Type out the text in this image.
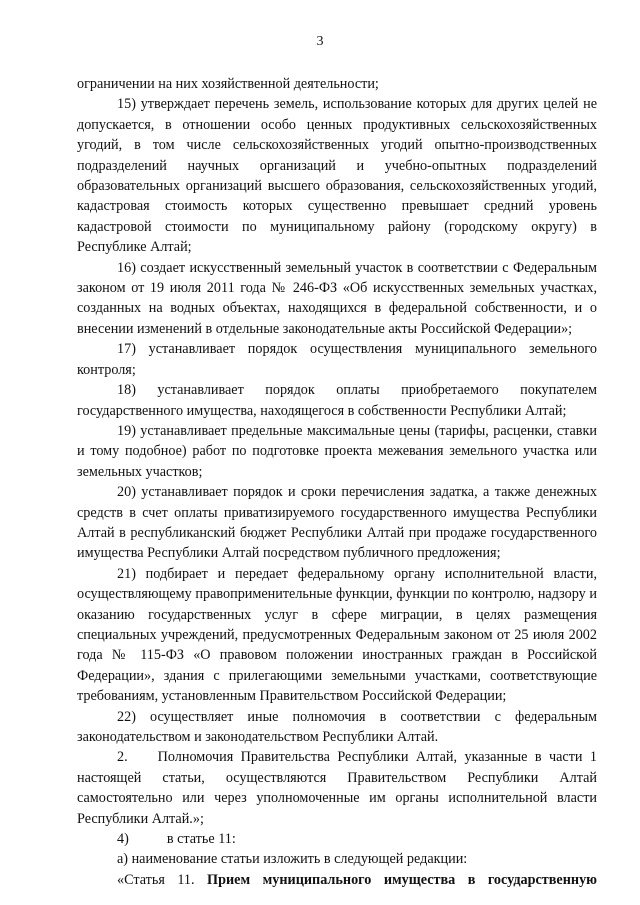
3

ограничении на них хозяйственной деятельности;

15) утверждает перечень земель, использование которых для других целей не допускается, в отношении особо ценных продуктивных сельскохозяйственных угодий, в том числе сельскохозяйственных угодий опытно-производственных подразделений научных организаций и учебно-опытных подразделений образовательных организаций высшего образования, сельскохозяйственных угодий, кадастровая стоимость которых существенно превышает средний уровень кадастровой стоимости по муниципальному району (городскому округу) в Республике Алтай;

16) создает искусственный земельный участок в соответствии с Федеральным законом от 19 июля 2011 года № 246-ФЗ «Об искусственных земельных участках, созданных на водных объектах, находящихся в федеральной собственности, и о внесении изменений в отдельные законодательные акты Российской Федерации»;

17) устанавливает порядок осуществления муниципального земельного контроля;

18) устанавливает порядок оплаты приобретаемого покупателем государственного имущества, находящегося в собственности Республики Алтай;

19) устанавливает предельные максимальные цены (тарифы, расценки, ставки и тому подобное) работ по подготовке проекта межевания земельного участка или земельных участков;

20) устанавливает порядок и сроки перечисления задатка, а также денежных средств в счет оплаты приватизируемого государственного имущества Республики Алтай в республиканский бюджет Республики Алтай при продаже государственного имущества Республики Алтай посредством публичного предложения;

21) подбирает и передает федеральному органу исполнительной власти, осуществляющему правоприменительные функции, функции по контролю, надзору и оказанию государственных услуг в сфере миграции, в целях размещения специальных учреждений, предусмотренных Федеральным законом от 25 июля 2002 года № 115-ФЗ «О правовом положении иностранных граждан в Российской Федерации», здания с прилегающими земельными участками, соответствующие требованиям, установленным Правительством Российской Федерации;

22) осуществляет иные полномочия в соответствии с федеральным законодательством и законодательством Республики Алтай.

2. Полномочия Правительства Республики Алтай, указанные в части 1 настоящей статьи, осуществляются Правительством Республики Алтай самостоятельно или через уполномоченные им органы исполнительной власти Республики Алтай.»;

4)	в статье 11:

а) наименование статьи изложить в следующей редакции:

«Статья 11. Прием муниципального имущества в государственную
